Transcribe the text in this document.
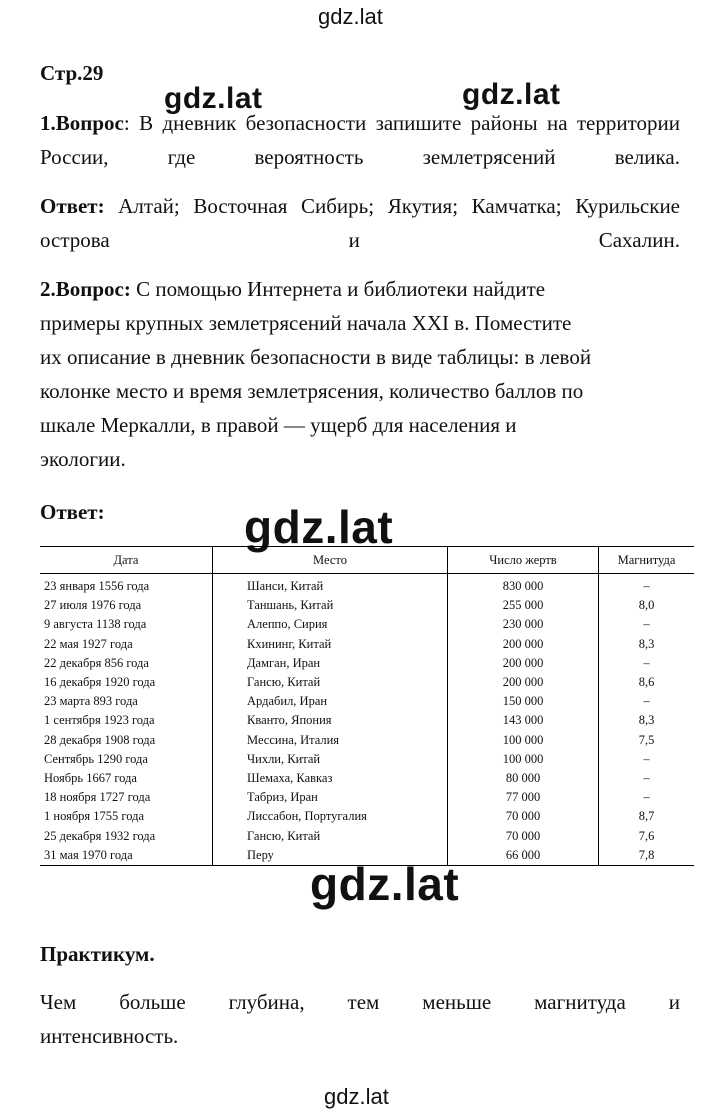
gdz.lat
gdz.lat	gdz.lat
gdz.lat
gdz.lat
gdz.lat
Стр.29
1.Вопрос: В дневник безопасности запишите районы на территории России, где вероятность землетрясений велика.
Ответ: Алтай; Восточная Сибирь; Якутия; Камчатка; Курильские острова и Сахалин.
2.Вопрос: С помощью Интернета и библиотеки найдите
примеры крупных землетрясений начала XXI в. Поместите
их описание в дневник безопасности в виде таблицы: в левой
колонке место и время землетрясения, количество баллов по
шкале Меркалли, в правой — ущерб для населения и
экологии.
Ответ:
Дата	Место	Число жертв	Магнитуда
23 января 1556 года	Шанси, Китай	830 000	–
27 июля 1976 года	Таншань, Китай	255 000	8,0
9 августа 1138 года	Алеппо, Сирия	230 000	–
22 мая 1927 года	Кхининг, Китай	200 000	8,3
22 декабря 856 года	Дамган, Иран	200 000	–
16 декабря 1920 года	Гансю, Китай	200 000	8,6
23 марта 893 года	Ардабил, Иран	150 000	–
1 сентября 1923 года	Кванто, Япония	143 000	8,3
28 декабря 1908 года	Мессина, Италия	100 000	7,5
Сентябрь 1290 года	Чихли, Китай	100 000	–
Ноябрь 1667 года	Шемаха, Кавказ	80 000	–
18 ноября 1727 года	Табриз, Иран	77 000	–
1 ноября 1755 года	Лиссабон, Португалия	70 000	8,7
25 декабря 1932 года	Гансю, Китай	70 000	7,6
31 мая 1970 года	Перу	66 000	7,8
Практикум.
Чем больше глубина, тем меньше магнитуда и
интенсивность.
